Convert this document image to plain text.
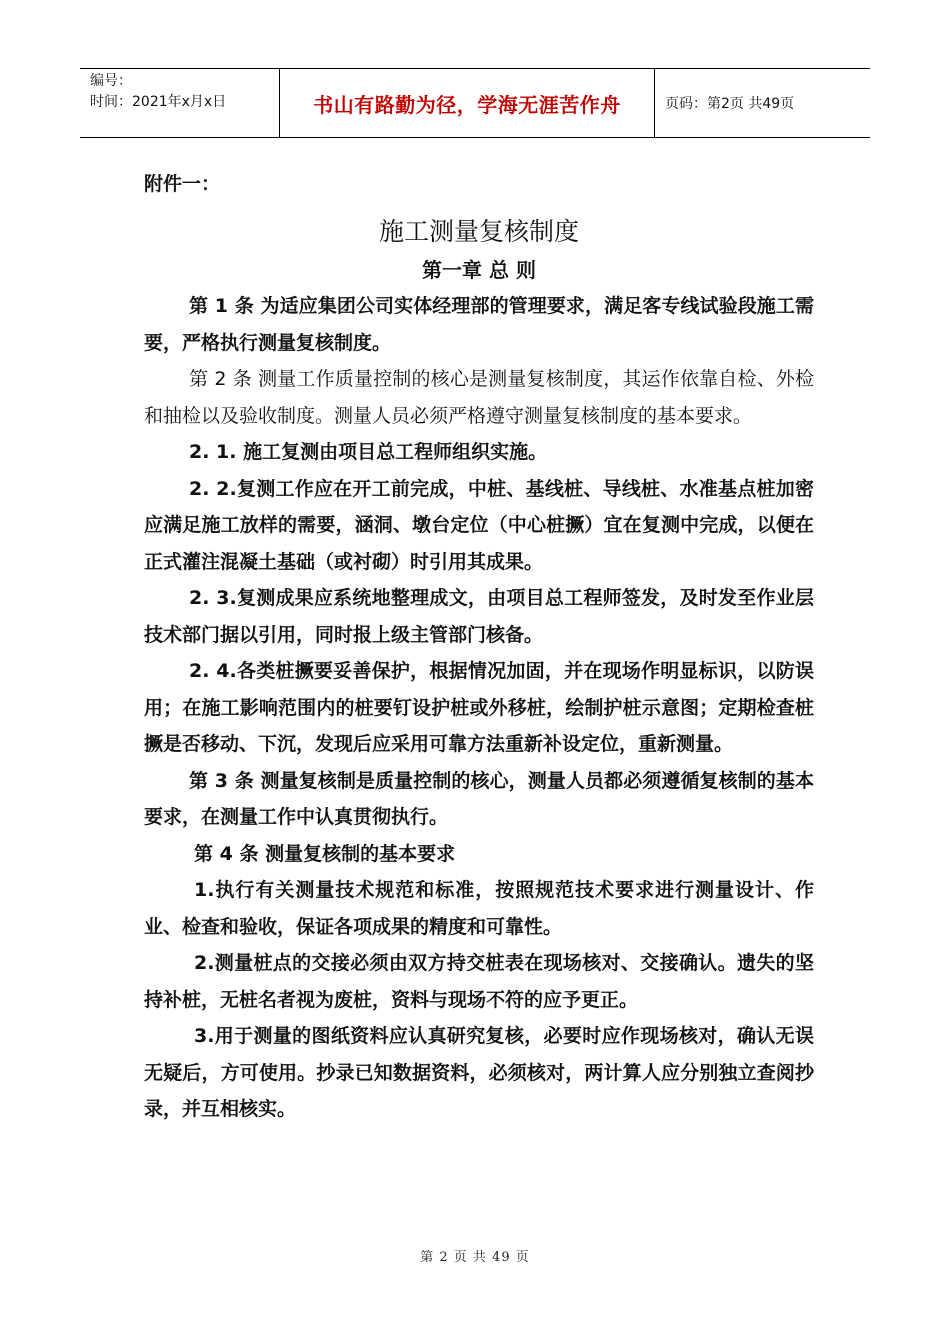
编号：
时间：2021年x月x日	书山有路勤为径，学海无涯苦作舟	页码：第2页 共49页

附件一：

施工测量复核制度

第一章 总 则

第 1 条 为适应集团公司实体经理部的管理要求，满足客专线试验段施工需要，严格执行测量复核制度。

第 2 条 测量工作质量控制的核心是测量复核制度，其运作依靠自检、外检和抽检以及验收制度。测量人员必须严格遵守测量复核制度的基本要求。

2. 1. 施工复测由项目总工程师组织实施。

2. 2.复测工作应在开工前完成，中桩、基线桩、导线桩、水准基点桩加密应满足施工放样的需要，涵洞、墩台定位（中心桩撅）宜在复测中完成，以便在正式灌注混凝土基础（或衬砌）时引用其成果。

2. 3.复测成果应系统地整理成文，由项目总工程师签发，及时发至作业层技术部门据以引用，同时报上级主管部门核备。

2. 4.各类桩撅要妥善保护，根据情况加固，并在现场作明显标识，以防误用；在施工影响范围内的桩要钉设护桩或外移桩，绘制护桩示意图；定期检查桩撅是否移动、下沉，发现后应采用可靠方法重新补设定位，重新测量。

第 3 条 测量复核制是质量控制的核心，测量人员都必须遵循复核制的基本要求，在测量工作中认真贯彻执行。

第 4 条 测量复核制的基本要求

1.执行有关测量技术规范和标准，按照规范技术要求进行测量设计、作业、检查和验收，保证各项成果的精度和可靠性。

2.测量桩点的交接必须由双方持交桩表在现场核对、交接确认。遗失的坚持补桩，无桩名者视为废桩，资料与现场不符的应予更正。

3.用于测量的图纸资料应认真研究复核，必要时应作现场核对，确认无误无疑后，方可使用。抄录已知数据资料，必须核对，两计算人应分别独立查阅抄录，并互相核实。

第 2 页 共 49 页
